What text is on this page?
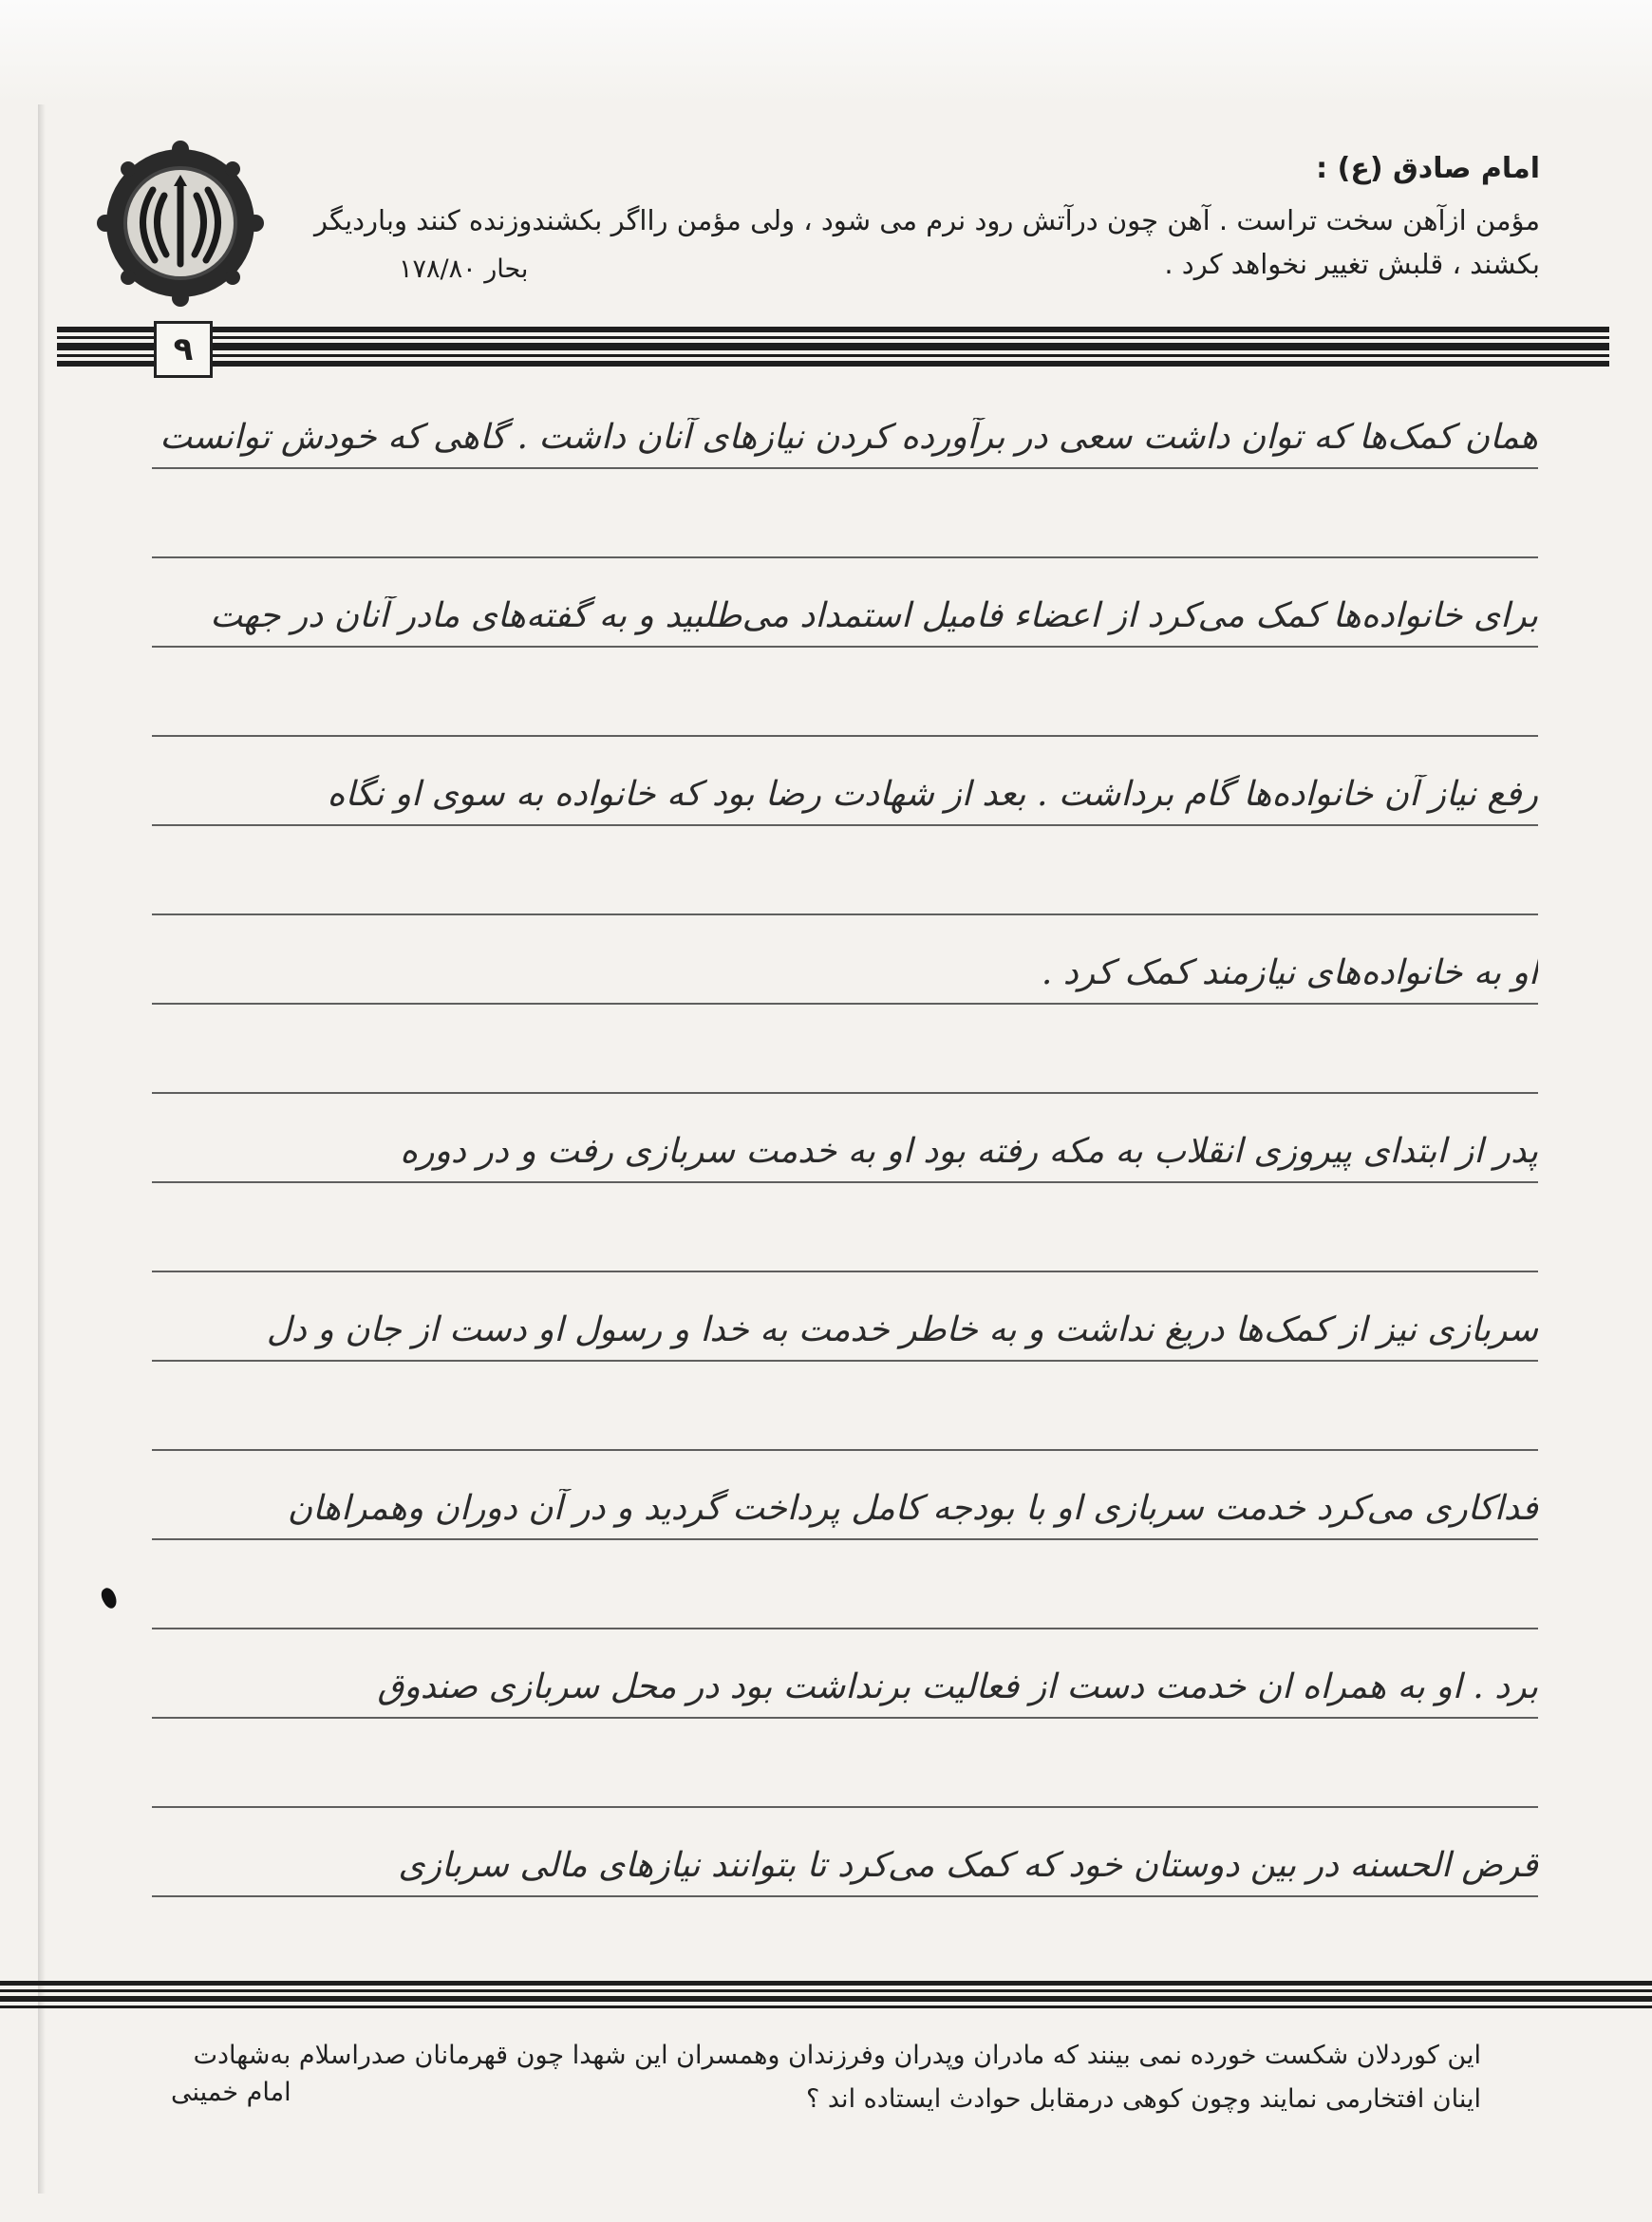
امام صادق (ع) :
مؤمن ازآهن سخت تراست . آهن چون درآتش رود نرم می شود ، ولی مؤمن رااگر بکشندوزنده کنند وباردیگر
بکشند ، قلبش تغییر نخواهد کرد .
بحار ۱۷۸/۸۰
۹
همان کمک‌ها که توان داشت سعی در برآورده کردن نیازهای آنان داشت . گاهی که خودش توانست
برای خانواده‌ها کمک می‌کرد از اعضاء فامیل استمداد می‌طلبید و به گفته‌های مادر آنان در جهت
رفع نیاز آن خانواده‌ها گام برداشت . بعد از شهادت رضا بود که خانواده به سوی او نگاه
او به خانواده‌های نیازمند کمک کرد .
پدر از ابتدای پیروزی انقلاب به مکه رفته بود او به خدمت سربازی رفت و در دوره
سربازی نیز از کمک‌ها دریغ نداشت و به خاطر خدمت به خدا و رسول او دست از جان و دل
فداکاری می‌کرد خدمت سربازی او با بودجه کامل پرداخت گردید و در آن دوران وهمراهان
برد . او به همراه ان خدمت دست از فعالیت برنداشت بود در محل سربازی صندوق
قرض الحسنه در بین دوستان خود که کمک می‌کرد تا بتوانند نیازهای مالی سربازی
این کوردلان شکست خورده نمی بینند که مادران وپدران وفرزندان وهمسران این شهدا چون قهرمانان صدراسلام به‌شهادت
اینان افتخارمی نمایند وچون کوهی درمقابل حوادث ایستاده اند ؟
امام خمینی
